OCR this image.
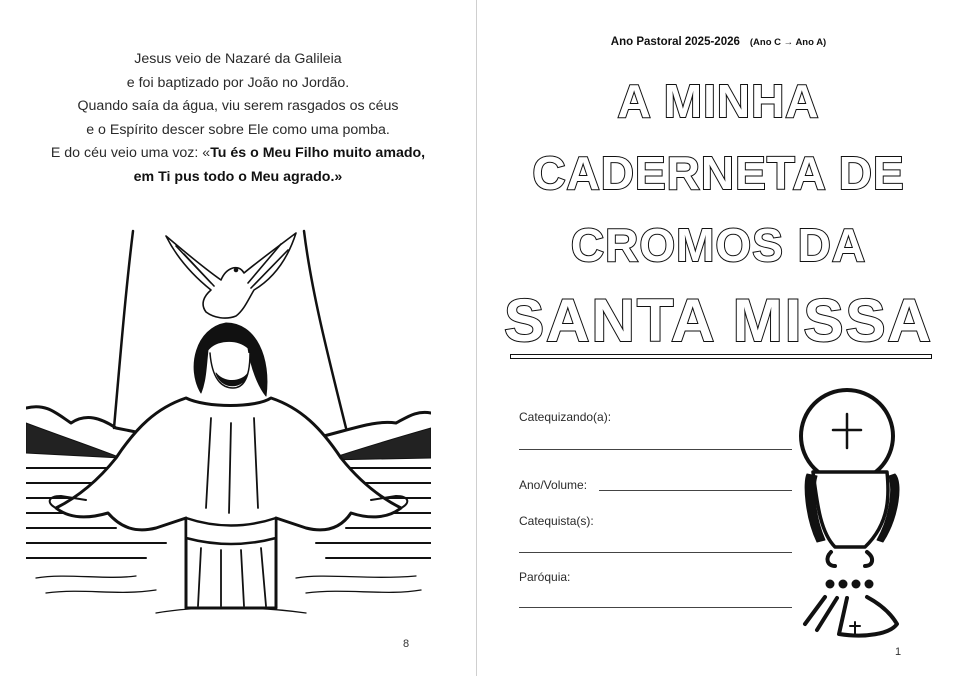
Jesus veio de Nazaré da Galileia
e foi baptizado por João no Jordão.
Quando saía da água, viu serem rasgados os céus
e o Espírito descer sobre Ele como uma pomba.
E do céu veio uma voz: «Tu és o Meu Filho muito amado,
em Ti pus todo o Meu agrado.»
8
Ano Pastoral 2025-2026 (Ano C → Ano A)
A MINHA
CADERNETA DE
CROMOS DA
SANTA MISSA
Catequizando(a):
Ano/Volume:
Catequista(s):
Paróquia:
1
